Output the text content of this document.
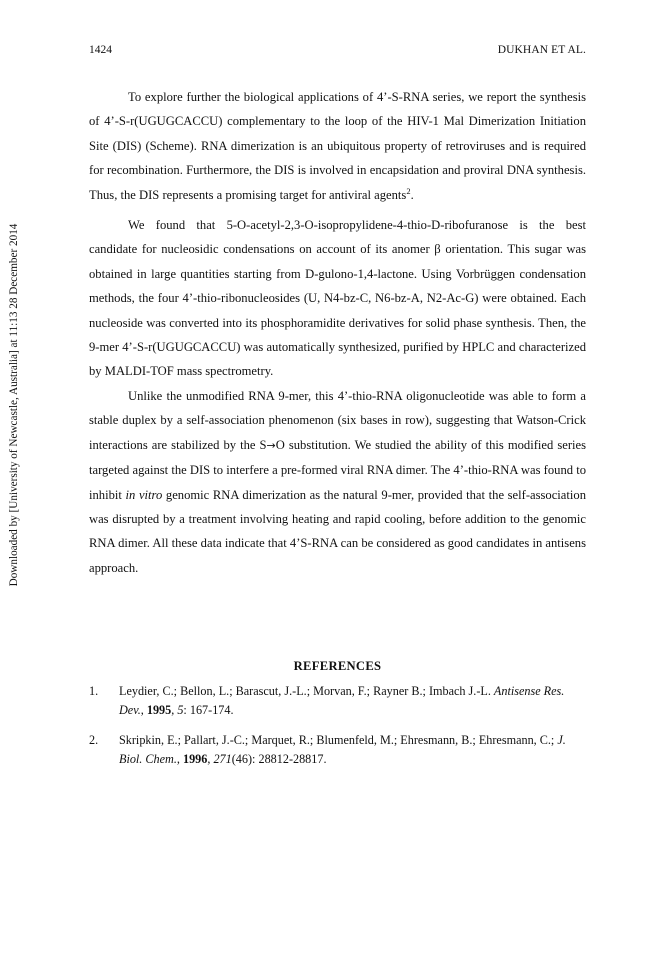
Downloaded by [University of Newcastle, Australia] at 11:13 28 December 2014
1424	DUKHAN ET AL.

To explore further the biological applications of 4’-S-RNA series, we report the synthesis of 4’-S-r(UGUGCACCU) complementary to the loop of the HIV-1 Mal Dimerization Initiation Site (DIS) (Scheme). RNA dimerization is an ubiquitous property of retroviruses and is required for recombination. Furthermore, the DIS is involved in encapsidation and proviral DNA synthesis. Thus, the DIS represents a promising target for antiviral agents$^2$.

We found that 5-O-acetyl-2,3-O-isopropylidene-4-thio-D-ribofuranose is the best candidate for nucleosidic condensations on account of its anomer β orientation. This sugar was obtained in large quantities starting from D-gulono-1,4-lactone. Using Vorbrüggen condensation methods, the four 4’-thio-ribonucleosides (U, N4-bz-C, N6-bz-A, N2-Ac-G) were obtained. Each nucleoside was converted into its phosphoramidite derivatives for solid phase synthesis. Then, the 9-mer 4’-S-r(UGUGCACCU) was automatically synthesized, purified by HPLC and characterized by MALDI-TOF mass spectrometry.

Unlike the unmodified RNA 9-mer, this 4’-thio-RNA oligonucleotide was able to form a stable duplex by a self-association phenomenon (six bases in row), suggesting that Watson-Crick interactions are stabilized by the S→O substitution. We studied the ability of this modified series targeted against the DIS to interfere a pre-formed viral RNA dimer. The 4’-thio-RNA was found to inhibit in vitro genomic RNA dimerization as the natural 9-mer, provided that the self-association was disrupted by a treatment involving heating and rapid cooling, before addition to the genomic RNA dimer. All these data indicate that 4’S-RNA can be considered as good candidates in antisens approach.

REFERENCES
1. Leydier, C.; Bellon, L.; Barascut, J.-L.; Morvan, F.; Rayner B.; Imbach J.-L. Antisense Res. Dev., 1995, 5: 167-174.
2. Skripkin, E.; Pallart, J.-C.; Marquet, R.; Blumenfeld, M.; Ehresmann, B.; Ehresmann, C.; J. Biol. Chem., 1996, 271(46): 28812-28817.
